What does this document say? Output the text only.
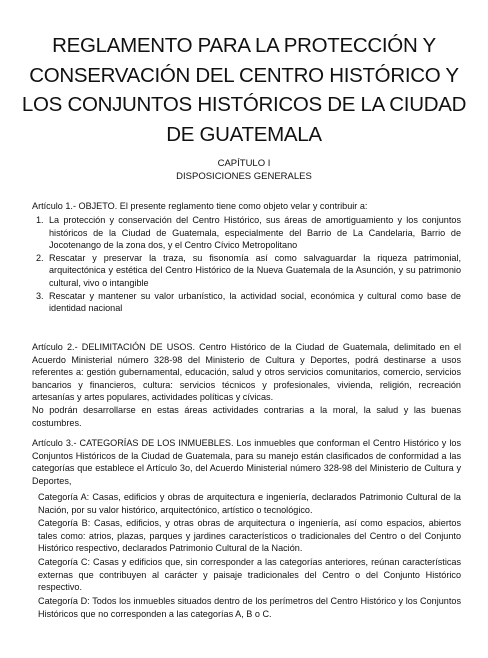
REGLAMENTO PARA LA PROTECCIÓN Y
CONSERVACIÓN DEL CENTRO HISTÓRICO Y
LOS CONJUNTOS HISTÓRICOS DE LA CIUDAD
DE GUATEMALA
CAPÍTULO I
DISPOSICIONES GENERALES
Artículo 1.- OBJETO. El presente reglamento tiene como objeto velar y contribuir a:
1. La protección y conservación del Centro Histórico, sus áreas de amortiguamiento y los conjuntos históricos de la Ciudad de Guatemala, especialmente del Barrio de La Candelaria, Barrio de Jocotenango de la zona dos, y el Centro Cívico Metropolitano
2. Rescatar y preservar la traza, su fisonomía así como salvaguardar la riqueza patrimonial, arquitectónica y estética del Centro Histórico de la Nueva Guatemala de la Asunción, y su patrimonio cultural, vivo o intangible
3. Rescatar y mantener su valor urbanístico, la actividad social, económica y cultural como base de identidad nacional
Artículo 2.- DELIMITACIÓN DE USOS. Centro Histórico de la Ciudad de Guatemala, delimitado en el Acuerdo Ministerial número 328-98 del Ministerio de Cultura y Deportes, podrá destinarse a usos referentes a: gestión gubernamental, educación, salud y otros servicios comunitarios, comercio, servicios bancarios y financieros, cultura: servicios técnicos y profesionales, vivienda, religión, recreación artesanías y artes populares, actividades políticas y cívicas.
No podrán desarrollarse en estas áreas actividades contrarias a la moral, la salud y las buenas costumbres.
Artículo 3.- CATEGORÍAS DE LOS INMUEBLES. Los inmuebles que conforman el Centro Histórico y los Conjuntos Históricos de la Ciudad de Guatemala, para su manejo están clasificados de conformidad a las categorías que establece el Artículo 3o, del Acuerdo Ministerial número 328-98 del Ministerio de Cultura y Deportes,
Categoría A: Casas, edificios y obras de arquitectura e ingeniería, declarados Patrimonio Cultural de la Nación, por su valor histórico, arquitectónico, artístico o tecnológico.
Categoría B: Casas, edificios, y otras obras de arquitectura o ingeniería, así como espacios, abiertos tales como: atrios, plazas, parques y jardines característicos o tradicionales del Centro o del Conjunto Histórico respectivo, declarados Patrimonio Cultural de la Nación.
Categoría C: Casas y edificios que, sin corresponder a las categorías anteriores, reúnan características externas que contribuyen al carácter y paisaje tradicionales del Centro o del Conjunto Histórico respectivo.
Categoría D: Todos los inmuebles situados dentro de los perímetros del Centro Histórico y los Conjuntos Históricos que no corresponden a las categorías A, B o C.
